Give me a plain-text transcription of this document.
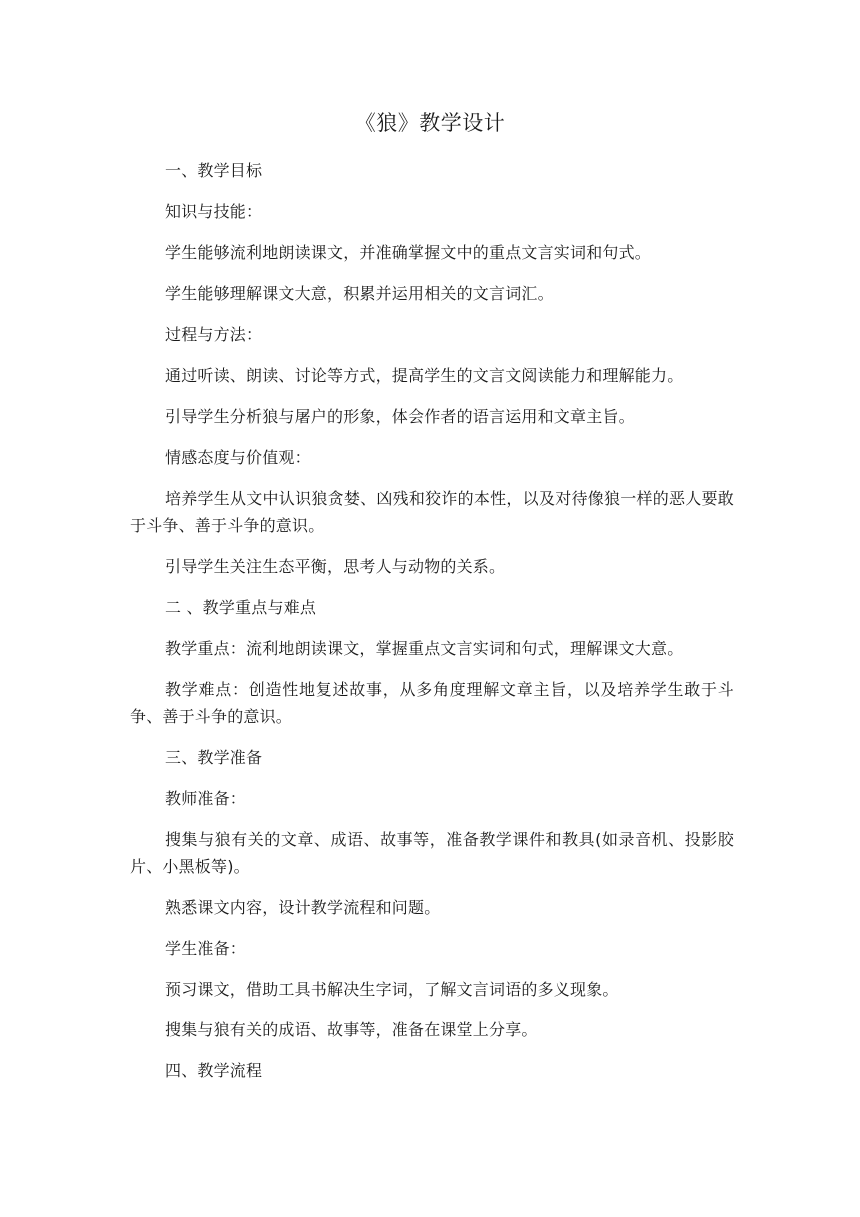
《狼》教学设计

一、教学目标

知识与技能：

学生能够流利地朗读课文，并准确掌握文中的重点文言实词和句式。

学生能够理解课文大意，积累并运用相关的文言词汇。

过程与方法：

通过听读、朗读、讨论等方式，提高学生的文言文阅读能力和理解能力。

引导学生分析狼与屠户的形象，体会作者的语言运用和文章主旨。

情感态度与价值观：

培养学生从文中认识狼贪婪、凶残和狡诈的本性，以及对待像狼一样的恶人要敢于斗争、善于斗争的意识。

引导学生关注生态平衡，思考人与动物的关系。

二 、教学重点与难点

教学重点：流利地朗读课文，掌握重点文言实词和句式，理解课文大意。

教学难点：创造性地复述故事，从多角度理解文章主旨，以及培养学生敢于斗争、善于斗争的意识。

三、教学准备

教师准备：

搜集与狼有关的文章、成语、故事等，准备教学课件和教具(如录音机、投影胶片、小黑板等)。

熟悉课文内容，设计教学流程和问题。

学生准备：

预习课文，借助工具书解决生字词，了解文言词语的多义现象。

搜集与狼有关的成语、故事等，准备在课堂上分享。

四、教学流程
